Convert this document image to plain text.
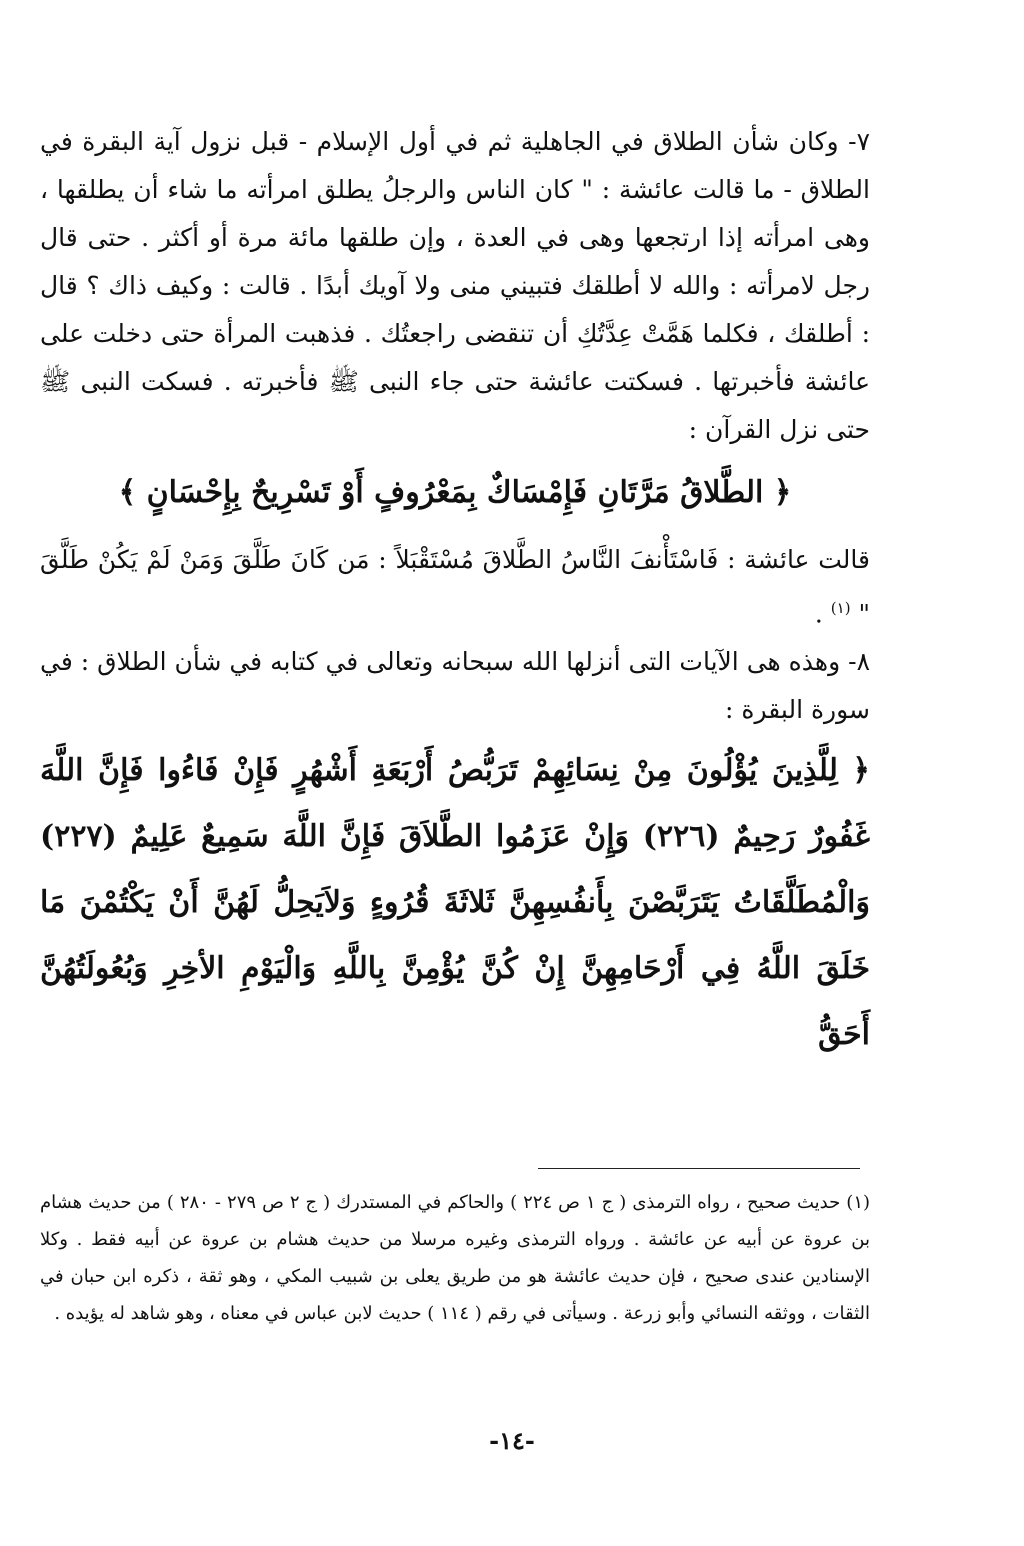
٧- وكان شأن الطلاق في الجاهلية ثم في أول الإسلام - قبل نزول آية البقرة في الطلاق - ما قالت عائشة : " كان الناس والرجلُ يطلق امرأته ما شاء أن يطلقها ، وهى امرأته إذا ارتجعها وهى في العدة ، وإن طلقها مائة مرة أو أكثر . حتى قال رجل لامرأته : والله لا أطلقك فتبيني منى ولا آويك أبدًا . قالت : وكيف ذاك ؟ قال : أطلقك ، فكلما هَمَّتْ عِدَّتُكِ أن تنقضى راجعتُك . فذهبت المرأة حتى دخلت على عائشة فأخبرتها . فسكتت عائشة حتى جاء النبى ﷺ فأخبرته . فسكت النبى ﷺ حتى نزل القرآن :

﴿ الطَّلاقُ مَرَّتَانِ فَإِمْسَاكٌ بِمَعْرُوفٍ أَوْ تَسْرِيحٌ بِإِحْسَانٍ ﴾

قالت عائشة : فَاسْتَأْنفَ النَّاسُ الطَّلاقَ مُسْتَقْبَلاً : مَن كَانَ طَلَّقَ وَمَنْ لَمْ يَكُنْ طَلَّقَ " $^{(١)}$ .

٨- وهذه هى الآيات التى أنزلها الله سبحانه وتعالى في كتابه في شأن الطلاق : في سورة البقرة :

﴿ لِلَّذِينَ يُؤْلُونَ مِنْ نِسَائِهِمْ تَرَبُّصُ أَرْبَعَةِ أَشْهُرٍ فَإِنْ فَاءُوا فَإِنَّ اللَّهَ غَفُورٌ رَحِيمٌ (٢٢٦) وَإِنْ عَزَمُوا الطَّلاَقَ فَإِنَّ اللَّهَ سَمِيعٌ عَلِيمٌ (٢٢٧) وَالْمُطَلَّقَاتُ يَتَرَبَّصْنَ بِأَنفُسِهِنَّ ثَلاثَةَ قُرُوءٍ وَلاَيَحِلُّ لَهُنَّ أَنْ يَكْتُمْنَ مَا خَلَقَ اللَّهُ فِي أَرْحَامِهِنَّ إِنْ كُنَّ يُؤْمِنَّ بِاللَّهِ وَالْيَوْمِ الأخِرِ وَبُعُولَتُهُنَّ أَحَقُّ

(١) حديث صحيح ، رواه الترمذى ( ج ١ ص ٢٢٤ ) والحاكم في المستدرك ( ج ٢ ص ٢٧٩ - ٢٨٠ ) من حديث هشام بن عروة عن أبيه عن عائشة . ورواه الترمذى وغيره مرسلا من حديث هشام بن عروة عن أبيه فقط . وكلا الإسنادين عندى صحيح ، فإن حديث عائشة هو من طريق يعلى بن شبيب المكي ، وهو ثقة ، ذكره ابن حبان في الثقات ، ووثقه النسائي وأبو زرعة . وسيأتى في رقم ( ١١٤ ) حديث لابن عباس في معناه ، وهو شاهد له يؤيده .

-١٤-
